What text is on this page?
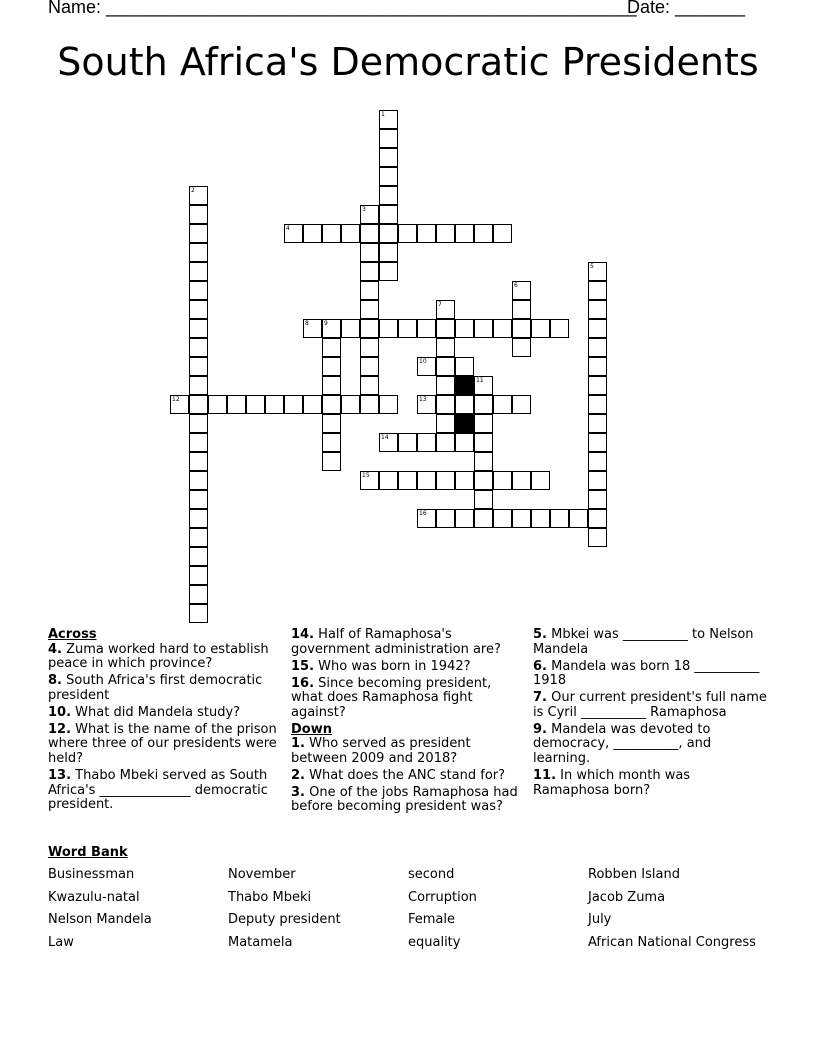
Name: _____________________________________________________
Date: _______
South Africa's Democratic Presidents
1
2
3
4
5
6
7
8	9
10
11
12	13
14
15
16
Across
4. Zuma worked hard to establish peace in which province?
8. South Africa's first democratic president
10. What did Mandela study?
12. What is the name of the prison where three of our presidents were held?
13. Thabo Mbeki served as South Africa's ______________ democratic president.
14. Half of Ramaphosa's government administration are?
15. Who was born in 1942?
16. Since becoming president, what does Ramaphosa fight against?
Down
1. Who served as president between 2009 and 2018?
2. What does the ANC stand for?
3. One of the jobs Ramaphosa had before becoming president was?
5. Mbkei was __________ to Nelson Mandela
6. Mandela was born 18 __________ 1918
7. Our current president's full name is Cyril __________ Ramaphosa
9. Mandela was devoted to democracy, __________, and learning.
11. In which month was Ramaphosa born?
Word Bank
Businessman	November	second	Robben Island
Kwazulu-natal	Thabo Mbeki	Corruption	Jacob Zuma
Nelson Mandela	Deputy president	Female	July
Law	Matamela	equality	African National Congress
